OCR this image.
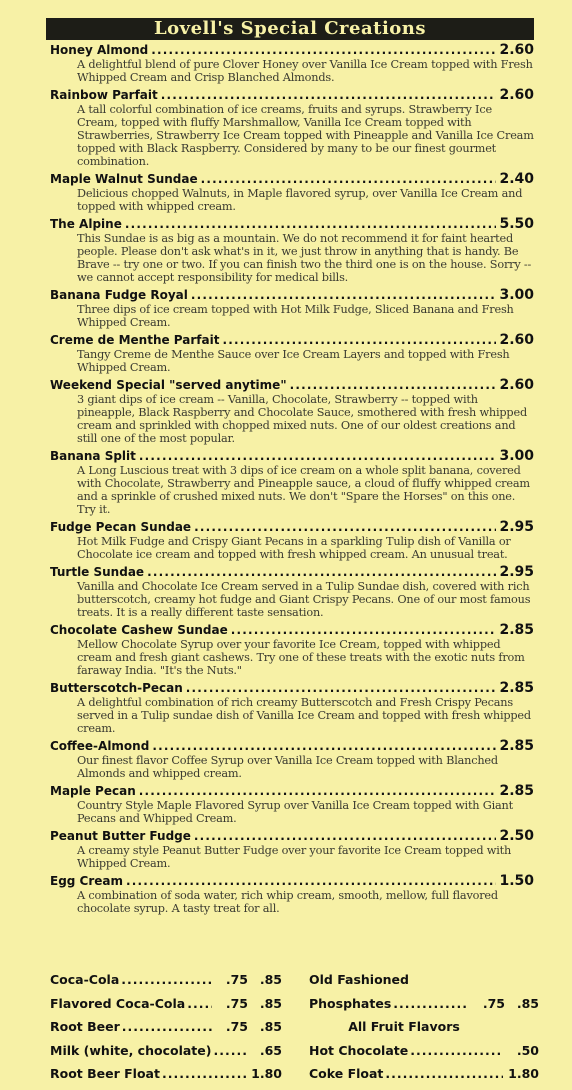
Lovell's Special Creations
Honey Almond .....	2.60
A delightful blend of pure Clover Honey over Vanilla Ice Cream topped with Fresh Whipped Cream and Crisp Blanched Almonds.
Rainbow Parfait .....	2.60
A tall colorful combination of ice creams, fruits and syrups. Strawberry Ice Cream, topped with fluffy Marshmallow, Vanilla Ice Cream topped with Strawberries, Strawberry Ice Cream topped with Pineapple and Vanilla Ice Cream topped with Black Raspberry. Considered by many to be our finest gourmet combination.
Maple Walnut Sundae .....	2.40
Delicious chopped Walnuts, in Maple flavored syrup, over Vanilla Ice Cream and topped with whipped cream.
The Alpine .....	5.50
This Sundae is as big as a mountain. We do not recommend it for faint hearted people. Please don't ask what's in it, we just throw in anything that is handy. Be Brave -- try one or two. If you can finish two the third one is on the house. Sorry -- we cannot accept responsibility for medical bills.
Banana Fudge Royal .....	3.00
Three dips of ice cream topped with Hot Milk Fudge, Sliced Banana and Fresh Whipped Cream.
Creme de Menthe Parfait .....	2.60
Tangy Creme de Menthe Sauce over Ice Cream Layers and topped with Fresh Whipped Cream.
Weekend Special "served anytime" .....	2.60
3 giant dips of ice cream -- Vanilla, Chocolate, Strawberry -- topped with pineapple, Black Raspberry and Chocolate Sauce, smothered with fresh whipped cream and sprinkled with chopped mixed nuts. One of our oldest creations and still one of the most popular.
Banana Split .....	3.00
A Long Luscious treat with 3 dips of ice cream on a whole split banana, covered with Chocolate, Strawberry and Pineapple sauce, a cloud of fluffy whipped cream and a sprinkle of crushed mixed nuts. We don't "Spare the Horses" on this one. Try it.
Fudge Pecan Sundae .....	2.95
Hot Milk Fudge and Crispy Giant Pecans in a sparkling Tulip dish of Vanilla or Chocolate ice cream and topped with fresh whipped cream. An unusual treat.
Turtle Sundae .....	2.95
Vanilla and Chocolate Ice Cream served in a Tulip Sundae dish, covered with rich butterscotch, creamy hot fudge and Giant Crispy Pecans. One of our most famous treats. It is a really different taste sensation.
Chocolate Cashew Sundae .....	2.85
Mellow Chocolate Syrup over your favorite Ice Cream, topped with whipped cream and fresh giant cashews. Try one of these treats with the exotic nuts from faraway India. "It's the Nuts."
Butterscotch-Pecan .....	2.85
A delightful combination of rich creamy Butterscotch and Fresh Crispy Pecans served in a Tulip sundae dish of Vanilla Ice Cream and topped with fresh whipped cream.
Coffee-Almond .....	2.85
Our finest flavor Coffee Syrup over Vanilla Ice Cream topped with Blanched Almonds and whipped cream.
Maple Pecan .....	2.85
Country Style Maple Flavored Syrup over Vanilla Ice Cream topped with Giant Pecans and Whipped Cream.
Peanut Butter Fudge .....	2.50
A creamy style Peanut Butter Fudge over your favorite Ice Cream topped with Whipped Cream.
Egg Cream .....	1.50
A combination of soda water, rich whip cream, smooth, mellow, full flavored chocolate syrup. A tasty treat for all.
Coca-Cola .....	.75 .85
Flavored Coca-Cola .....	.75 .85
Root Beer .....	.75 .85
Milk (white, chocolate) .....	.65
Root Beer Float .....	1.80
Old Fashioned
Phosphates .....	.75 .85
All Fruit Flavors
Hot Chocolate .....	.50
Coke Float .....	1.80
